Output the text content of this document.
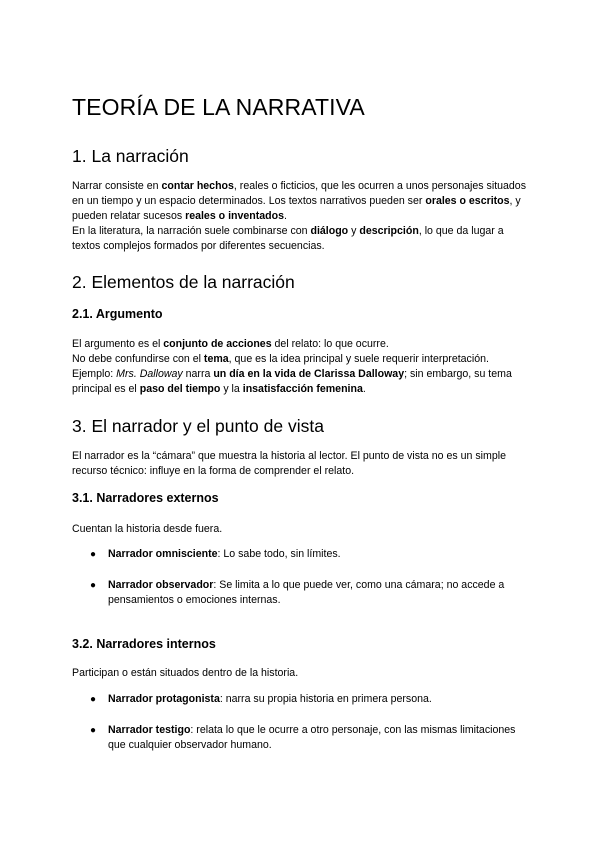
TEORÍA DE LA NARRATIVA
1. La narración

Narrar consiste en contar hechos, reales o ficticios, que les ocurren a unos personajes situados en un tiempo y un espacio determinados. Los textos narrativos pueden ser orales o escritos, y pueden relatar sucesos reales o inventados.

En la literatura, la narración suele combinarse con diálogo y descripción, lo que da lugar a textos complejos formados por diferentes secuencias.

2. Elementos de la narración
2.1. Argumento

El argumento es el conjunto de acciones del relato: lo que ocurre.

No debe confundirse con el tema, que es la idea principal y suele requerir interpretación.

Ejemplo: Mrs. Dalloway narra un día en la vida de Clarissa Dalloway; sin embargo, su tema principal es el paso del tiempo y la insatisfacción femenina.

3. El narrador y el punto de vista

El narrador es la “cámara” que muestra la historia al lector. El punto de vista no es un simple recurso técnico: influye en la forma de comprender el relato.

3.1. Narradores externos

Cuentan la historia desde fuera.

● Narrador omnisciente: Lo sabe todo, sin límites.
● Narrador observador: Se limita a lo que puede ver, como una cámara; no accede a pensamientos o emociones internas.
3.2. Narradores internos

Participan o están situados dentro de la historia.

● Narrador protagonista: narra su propia historia en primera persona.
● Narrador testigo: relata lo que le ocurre a otro personaje, con las mismas limitaciones que cualquier observador humano.
